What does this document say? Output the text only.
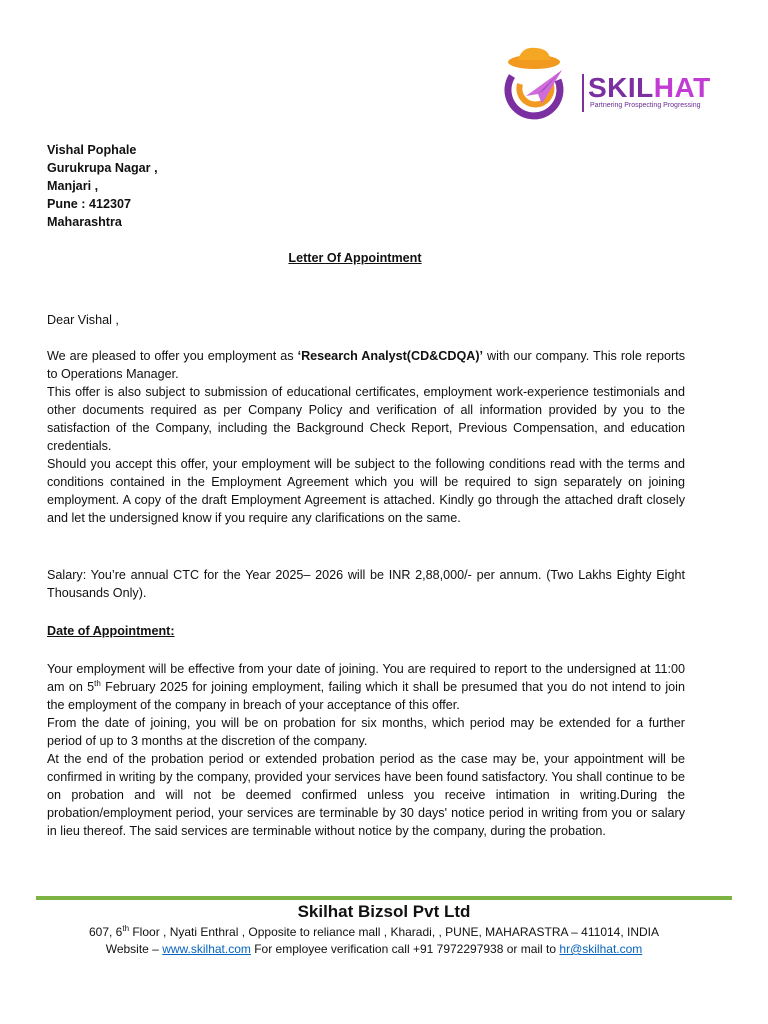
SKILHAT
Partnering Prospecting Progressing
Vishal Pophale
Gurukrupa Nagar ,
Manjari ,
Pune : 412307
Maharashtra
Letter Of Appointment

Dear Vishal ,

We are pleased to offer you employment as ‘Research Analyst(CD&CDQA)’ with our company. This role reports to Operations Manager.

This offer is also subject to submission of educational certificates, employment work-experience testimonials and other documents required as per Company Policy and verification of all information provided by you to the satisfaction of the Company, including the Background Check Report, Previous Compensation, and education credentials.

Should you accept this offer, your employment will be subject to the following conditions read with the terms and conditions contained in the Employment Agreement which you will be required to sign separately on joining employment. A copy of the draft Employment Agreement is attached. Kindly go through the attached draft closely and let the undersigned know if you require any clarifications on the same.

Salary: You’re annual CTC for the Year 2025– 2026 will be INR 2,88,000/- per annum. (Two Lakhs Eighty Eight Thousands Only).

Date of Appointment:

Your employment will be effective from your date of joining. You are required to report to the undersigned at 11:00 am on 5th February 2025 for joining employment, failing which it shall be presumed that you do not intend to join the employment of the company in breach of your acceptance of this offer.

From the date of joining, you will be on probation for six months, which period may be extended for a further period of up to 3 months at the discretion of the company.

At the end of the probation period or extended probation period as the case may be, your appointment will be confirmed in writing by the company, provided your services have been found satisfactory. You shall continue to be on probation and will not be deemed confirmed unless you receive intimation in writing.During the probation/employment period, your services are terminable by 30 days' notice period in writing from you or salary in lieu thereof. The said services are terminable without notice by the company, during the probation.

Skilhat Bizsol Pvt Ltd
607, 6th Floor , Nyati Enthral , Opposite to reliance mall , Kharadi, , PUNE, MAHARASTRA – 411014, INDIA
Website – www.skilhat.com For employee verification call +91 7972297938 or mail to hr@skilhat.com
